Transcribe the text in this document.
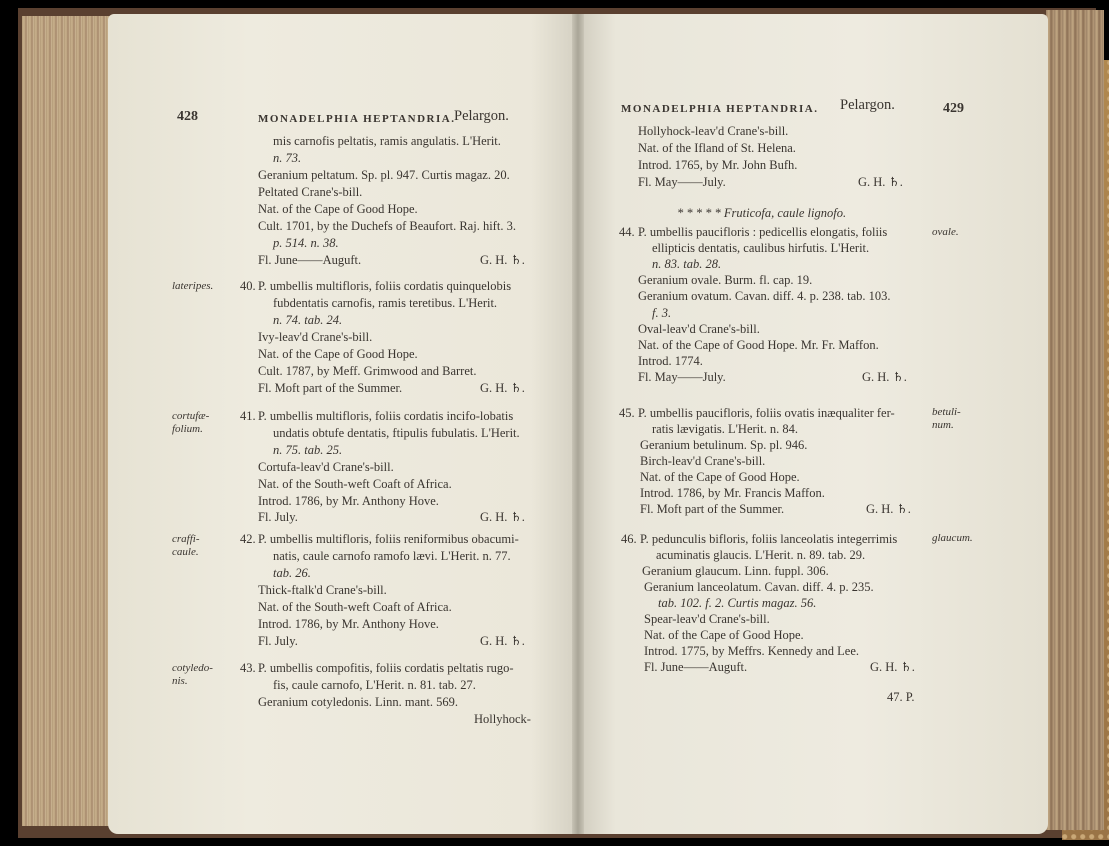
428	MONADELPHIA HEPTANDRIA.
Pelargon.
mis carnofis peltatis, ramis angulatis. L'Herit.
n. 73.
Geranium peltatum. Sp. pl. 947. Curtis magaz. 20.
Peltated Crane's-bill.
Nat. of the Cape of Good Hope.
Cult. 1701, by the Duchefs of Beaufort. Raj. hift. 3.
p. 514. n. 38.
Fl. June——Auguft.	G. H. ♄.
lateripes. 40. P. umbellis multifloris, foliis cordatis quinquelobis
fubdentatis carnofis, ramis teretibus. L'Herit.
n. 74. tab. 24.
Ivy-leav'd Crane's-bill.
Nat. of the Cape of Good Hope.
Cult. 1787, by Meff. Grimwood and Barret.
Fl. Moft part of the Summer.	G. H. ♄.
cortufæ-
folium.
41. P. umbellis multifloris, foliis cordatis incifo-lobatis
undatis obtufe dentatis, ftipulis fubulatis. L'Herit.
n. 75. tab. 25.
Cortufa-leav'd Crane's-bill.
Nat. of the South-weft Coaft of Africa.
Introd. 1786, by Mr. Anthony Hove.
Fl. July.	G. H. ♄.
craffi-
caule.
42. P. umbellis multifloris, foliis reniformibus obacumi-
natis, caule carnofo ramofo lævi. L'Herit. n. 77.
tab. 26.
Thick-ftalk'd Crane's-bill.
Nat. of the South-weft Coaft of Africa.
Introd. 1786, by Mr. Anthony Hove.
Fl. July.	G. H. ♄.
cotyledo-
nis.
43. P. umbellis compofitis, foliis cordatis peltatis rugo-
fis, caule carnofo, L'Herit. n. 81. tab. 27.
Geranium cotyledonis. Linn. mant. 569.
Hollyhock-
MONADELPHIA HEPTANDRIA. Pelargon.	429
Hollyhock-leav'd Crane's-bill.
Nat. of the Ifland of St. Helena.
Introd. 1765, by Mr. John Bufh.
Fl. May——July.	G. H. ♄.
* * * * * Fruticofa, caule lignofo.
44.	ovale.
P. umbellis paucifloris : pedicellis elongatis, foliis
ellipticis dentatis, caulibus hirfutis. L'Herit.
n. 83. tab. 28.
Geranium ovale. Burm. fl. cap. 19.
Geranium ovatum. Cavan. diff. 4. p. 238. tab. 103.
f. 3.
Oval-leav'd Crane's-bill.
Nat. of the Cape of Good Hope. Mr. Fr. Maffon.
Introd. 1774.
Fl. May——July.	G. H. ♄.
45.	betuli-
num.
P. umbellis paucifloris, foliis ovatis inæqualiter fer-
ratis lævigatis. L'Herit. n. 84.
Geranium betulinum. Sp. pl. 946.
Birch-leav'd Crane's-bill.
Nat. of the Cape of Good Hope.
Introd. 1786, by Mr. Francis Maffon.
Fl. Moft part of the Summer.	G. H. ♄.
46.	glaucum.
P. pedunculis bifloris, foliis lanceolatis integerrimis
acuminatis glaucis. L'Herit. n. 89. tab. 29.
Geranium glaucum. Linn. fuppl. 306.
Geranium lanceolatum. Cavan. diff. 4. p. 235.
tab. 102. f. 2. Curtis magaz. 56.
Spear-leav'd Crane's-bill.
Nat. of the Cape of Good Hope.
Introd. 1775, by Meffrs. Kennedy and Lee.
Fl. June——Auguft.	G. H. ♄.
47. P.
